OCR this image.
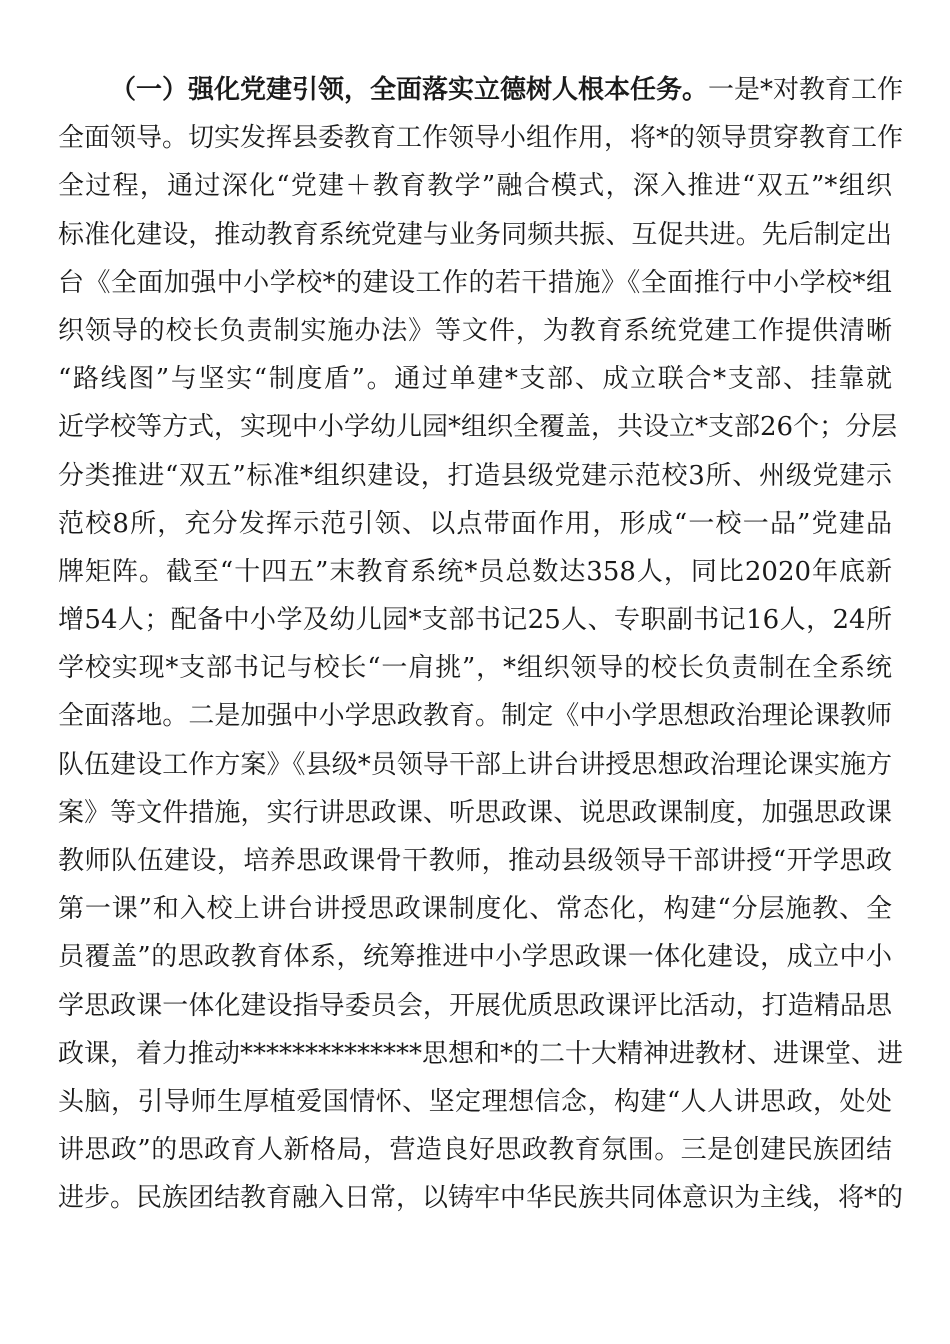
（一）强化党建引领，全面落实立德树人根本任务。一是*对教育工作
全面领导。切实发挥县委教育工作领导小组作用，将*的领导贯穿教育工作
全过程，通过深化“党建＋教育教学”融合模式，深入推进“双五”*组织
标准化建设，推动教育系统党建与业务同频共振、互促共进。先后制定出
台《全面加强中小学校*的建设工作的若干措施》《全面推行中小学校*组
织领导的校长负责制实施办法》等文件，为教育系统党建工作提供清晰
“路线图”与坚实“制度盾”。通过单建*支部、成立联合*支部、挂靠就
近学校等方式，实现中小学幼儿园*组织全覆盖，共设立*支部26个；分层
分类推进“双五”标准*组织建设，打造县级党建示范校3所、州级党建示
范校8所，充分发挥示范引领、以点带面作用，形成“一校一品”党建品
牌矩阵。截至“十四五”末教育系统*员总数达358人，同比2020年底新
增54人；配备中小学及幼儿园*支部书记25人、专职副书记16人，24所
学校实现*支部书记与校长“一肩挑”，*组织领导的校长负责制在全系统
全面落地。二是加强中小学思政教育。制定《中小学思想政治理论课教师
队伍建设工作方案》《县级*员领导干部上讲台讲授思想政治理论课实施方
案》等文件措施，实行讲思政课、听思政课、说思政课制度，加强思政课
教师队伍建设，培养思政课骨干教师，推动县级领导干部讲授“开学思政
第一课”和入校上讲台讲授思政课制度化、常态化，构建“分层施教、全
员覆盖”的思政教育体系，统筹推进中小学思政课一体化建设，成立中小
学思政课一体化建设指导委员会，开展优质思政课评比活动，打造精品思
政课，着力推动**************思想和*的二十大精神进教材、进课堂、进
头脑，引导师生厚植爱国情怀、坚定理想信念，构建“人人讲思政，处处
讲思政”的思政育人新格局，营造良好思政教育氛围。三是创建民族团结
进步。民族团结教育融入日常，以铸牢中华民族共同体意识为主线，将*的
